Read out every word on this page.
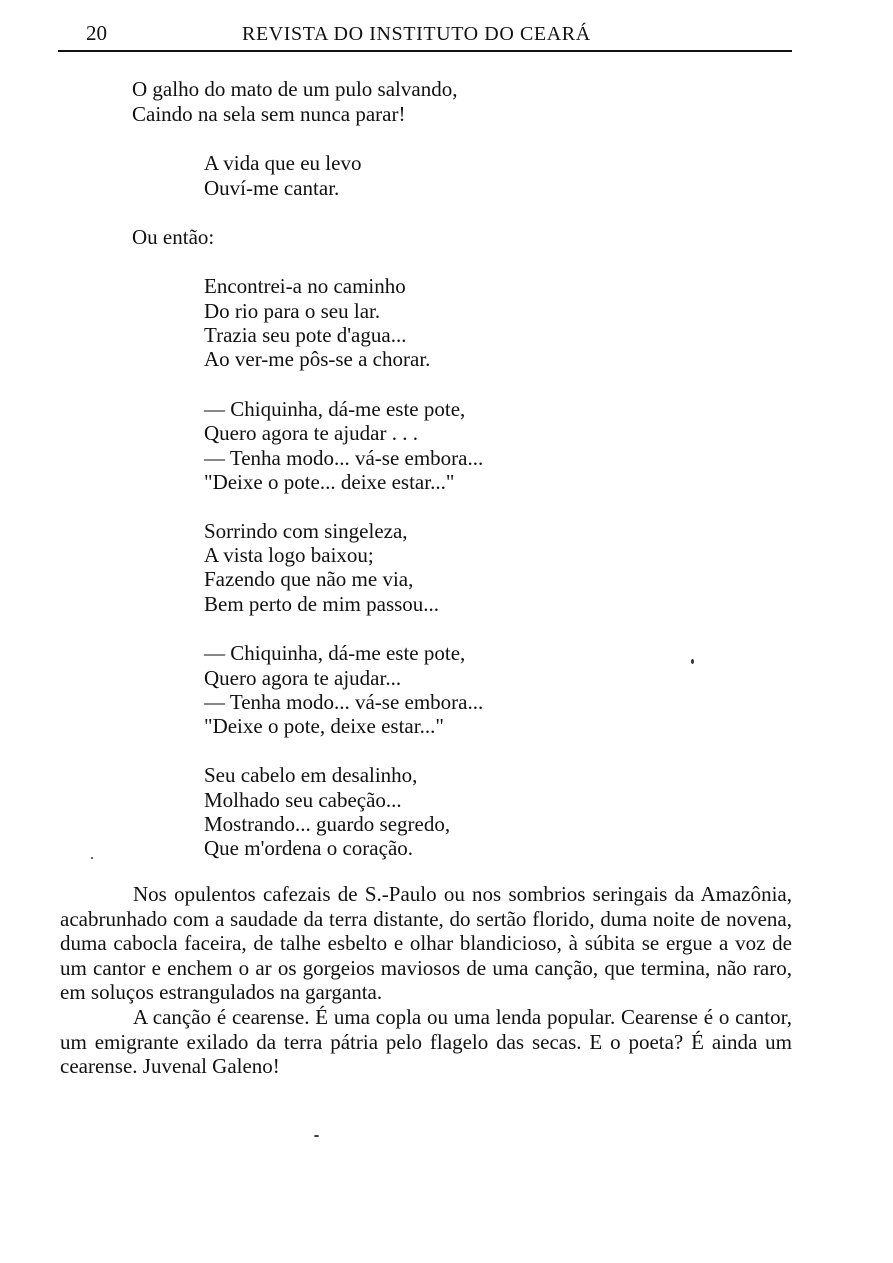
20	REVISTA DO INSTITUTO DO CEARÁ
O galho do mato de um pulo salvando,
Caindo na sela sem nunca parar!
A vida que eu levo
Ouví-me cantar.
Ou então:
Encontrei-a no caminho
Do rio para o seu lar.
Trazia seu pote d'agua...
Ao ver-me pôs-se a chorar.
— Chiquinha, dá-me este pote,
Quero agora te ajudar . . .
— Tenha modo... vá-se embora...
"Deixe o pote... deixe estar..."
Sorrindo com singeleza,
A vista logo baixou;
Fazendo que não me via,
Bem perto de mim passou...
— Chiquinha, dá-me este pote,
Quero agora te ajudar...
— Tenha modo... vá-se embora...
"Deixe o pote, deixe estar..."
Seu cabelo em desalinho,
Molhado seu cabeção...
Mostrando... guardo segredo,
Que m'ordena o coração.

Nos opulentos cafezais de S.-Paulo ou nos sombrios seringais da Amazônia, acabrunhado com a saudade da terra distante, do sertão florido, duma noite de novena, duma cabocla faceira, de talhe esbelto e olhar blandicioso, à súbita se ergue a voz de um cantor e enchem o ar os gorgeios maviosos de uma canção, que termina, não raro, em soluços estrangulados na garganta.

A canção é cearense. É uma copla ou uma lenda popular. Cearense é o cantor, um emigrante exilado da terra pátria pelo flagelo das secas. E o poeta? É ainda um cearense. Juvenal Galeno!
